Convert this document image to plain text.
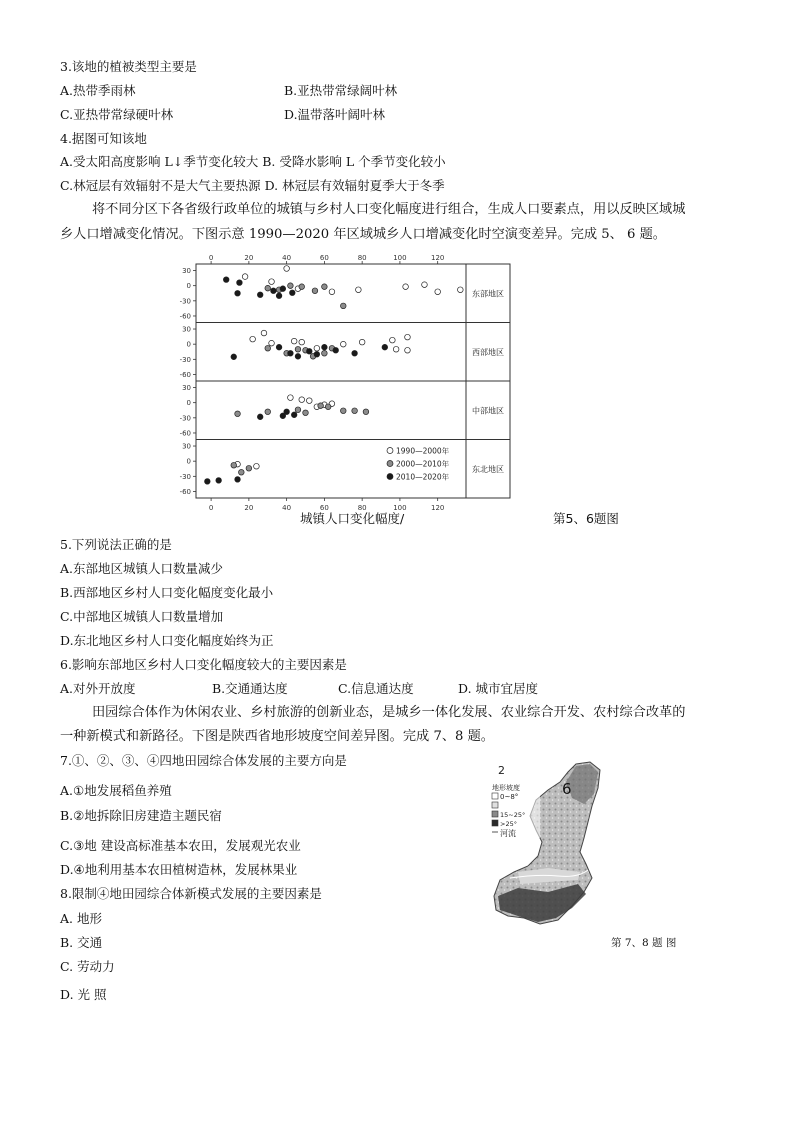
3.该地的植被类型主要是
A.热带季雨林	B.亚热带常绿阔叶林
C.亚热带常绿硬叶林	D.温带落叶阔叶林
4.据图可知该地
A.受太阳高度影响 L↓季节变化较大 B. 受降水影响 L 个季节变化较小
C.林冠层有效辐射不是大气主要热源 D. 林冠层有效辐射夏季大于冬季
将不同分区下各省级行政单位的城镇与乡村人口变化幅度进行组合，生成人口要素点，用以反映区域城
乡人口增减变化情况。下图示意 1990—2020 年区域城乡人口增减变化时空演变差异。完成 5、 6 题。
0
0
20
20
40
40
60
60
80
80
100
100
120
120
30
0
-30
-60
东部地区
30
0
-30
-60
西部地区
30
0
-30
-60
中部地区
30
0
-30
-60
东北地区
1990—2000年
2000—2010年
2010—2020年
城镇人口变化幅度/	第5、6题图
5.下列说法正确的是
A.东部地区城镇人口数量减少
B.西部地区乡村人口变化幅度变化最小
C.中部地区城镇人口数量增加
D.东北地区乡村人口变化幅度始终为正
6.影响东部地区乡村人口变化幅度较大的主要因素是
A.对外开放度	B.交通通达度	C.信息通达度	D. 城市宜居度
田园综合体作为休闲农业、乡村旅游的创新业态，是城乡一体化发展、农业综合开发、农村综合改革的
一种新模式和新路径。下图是陕西省地形坡度空间差异图。完成 7、8 题。
7.①、②、③、④四地田园综合体发展的主要方向是
A.①地发展稻鱼养殖
B.②地拆除旧房建造主题民宿
C.③地 建设高标准基本农田，发展观光农业
D.④地利用基本农田植树造林，发展林果业
8.限制④地田园综合体新模式发展的主要因素是
A. 地形
B. 交通
C. 劳动力
D. 光 照
2
6
地形坡度
0~8°
15~25°
>25°
河流
第 7、8 题 图
